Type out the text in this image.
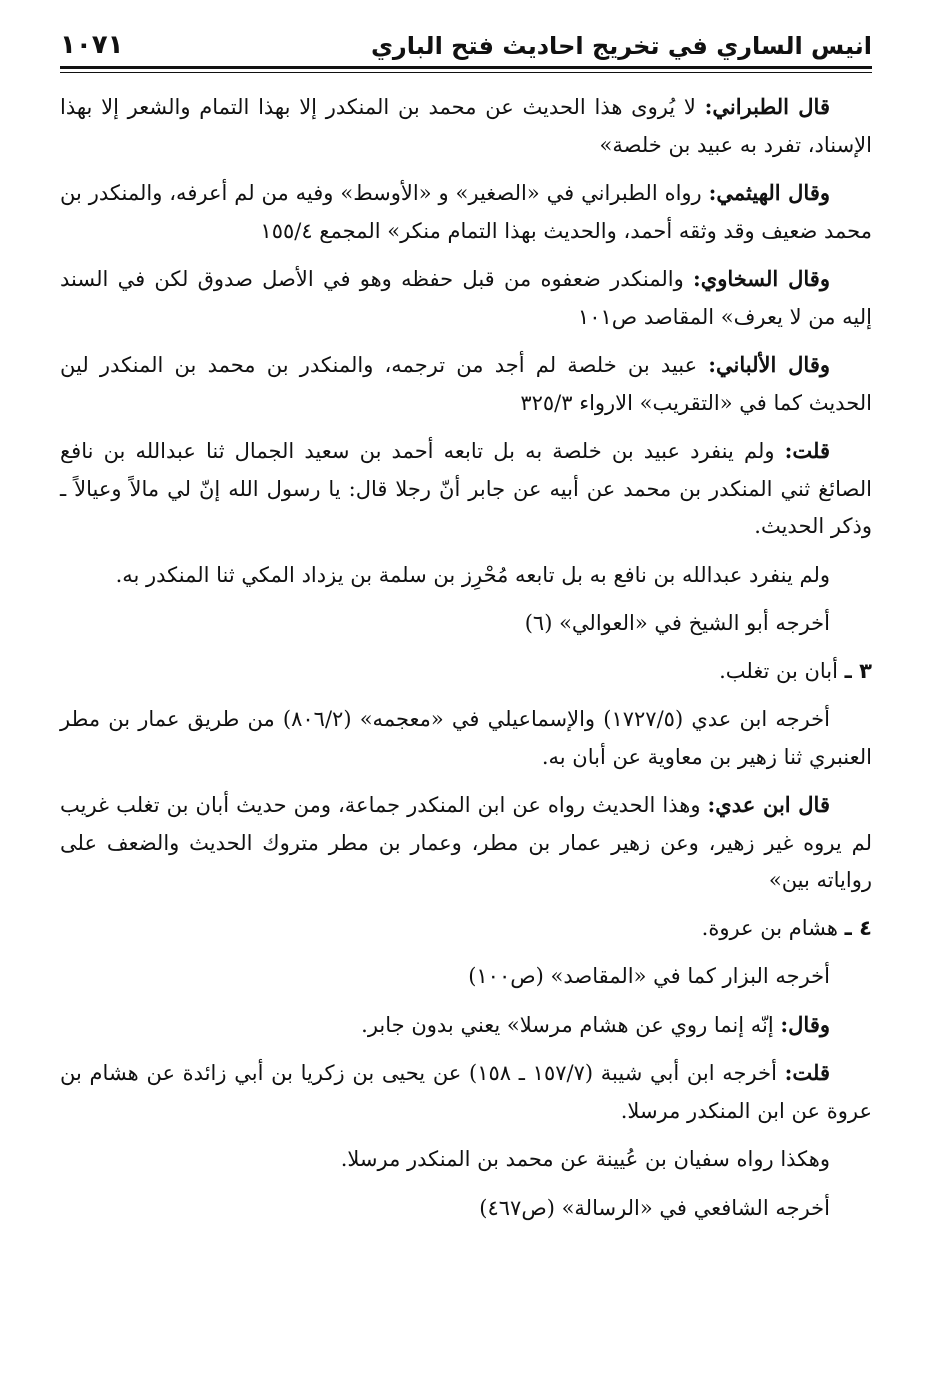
انيس الساري في تخريج احاديث فتح الباري
١٠٧١

قال الطبراني: لا يُروى هذا الحديث عن محمد بن المنكدر إلا بهذا التمام والشعر إلا بهذا الإسناد، تفرد به عبيد بن خلصة»

وقال الهيثمي: رواه الطبراني في «الصغير» و «الأوسط» وفيه من لم أعرفه، والمنكدر بن محمد ضعيف وقد وثقه أحمد، والحديث بهذا التمام منكر» المجمع ١٥٥/٤

وقال السخاوي: والمنكدر ضعفوه من قبل حفظه وهو في الأصل صدوق لكن في السند إليه من لا يعرف» المقاصد ص١٠١

وقال الألباني: عبيد بن خلصة لم أجد من ترجمه، والمنكدر بن محمد بن المنكدر لين الحديث كما في «التقريب» الارواء ٣٢٥/٣

قلت: ولم ينفرد عبيد بن خلصة به بل تابعه أحمد بن سعيد الجمال ثنا عبدالله بن نافع الصائغ ثني المنكدر بن محمد عن أبيه عن جابر أنّ رجلا قال: يا رسول الله إنّ لي مالاً وعيالاً ـ وذكر الحديث.

ولم ينفرد عبدالله بن نافع به بل تابعه مُحْرِز بن سلمة بن يزداد المكي ثنا المنكدر به.

أخرجه أبو الشيخ في «العوالي» (٦)

٣ ـ أبان بن تغلب.

أخرجه ابن عدي (١٧٢٧/٥) والإسماعيلي في «معجمه» (٨٠٦/٢) من طريق عمار بن مطر العنبري ثنا زهير بن معاوية عن أبان به.

قال ابن عدي: وهذا الحديث رواه عن ابن المنكدر جماعة، ومن حديث أبان بن تغلب غريب لم يروه غير زهير، وعن زهير عمار بن مطر، وعمار بن مطر متروك الحديث والضعف على رواياته بين»

٤ ـ هشام بن عروة.

أخرجه البزار كما في «المقاصد» (ص١٠٠)

وقال: إنّه إنما روي عن هشام مرسلا» يعني بدون جابر.

قلت: أخرجه ابن أبي شيبة (١٥٧/٧ ـ ١٥٨) عن يحيى بن زكريا بن أبي زائدة عن هشام بن عروة عن ابن المنكدر مرسلا.

وهكذا رواه سفيان بن عُيينة عن محمد بن المنكدر مرسلا.

أخرجه الشافعي في «الرسالة» (ص٤٦٧)
